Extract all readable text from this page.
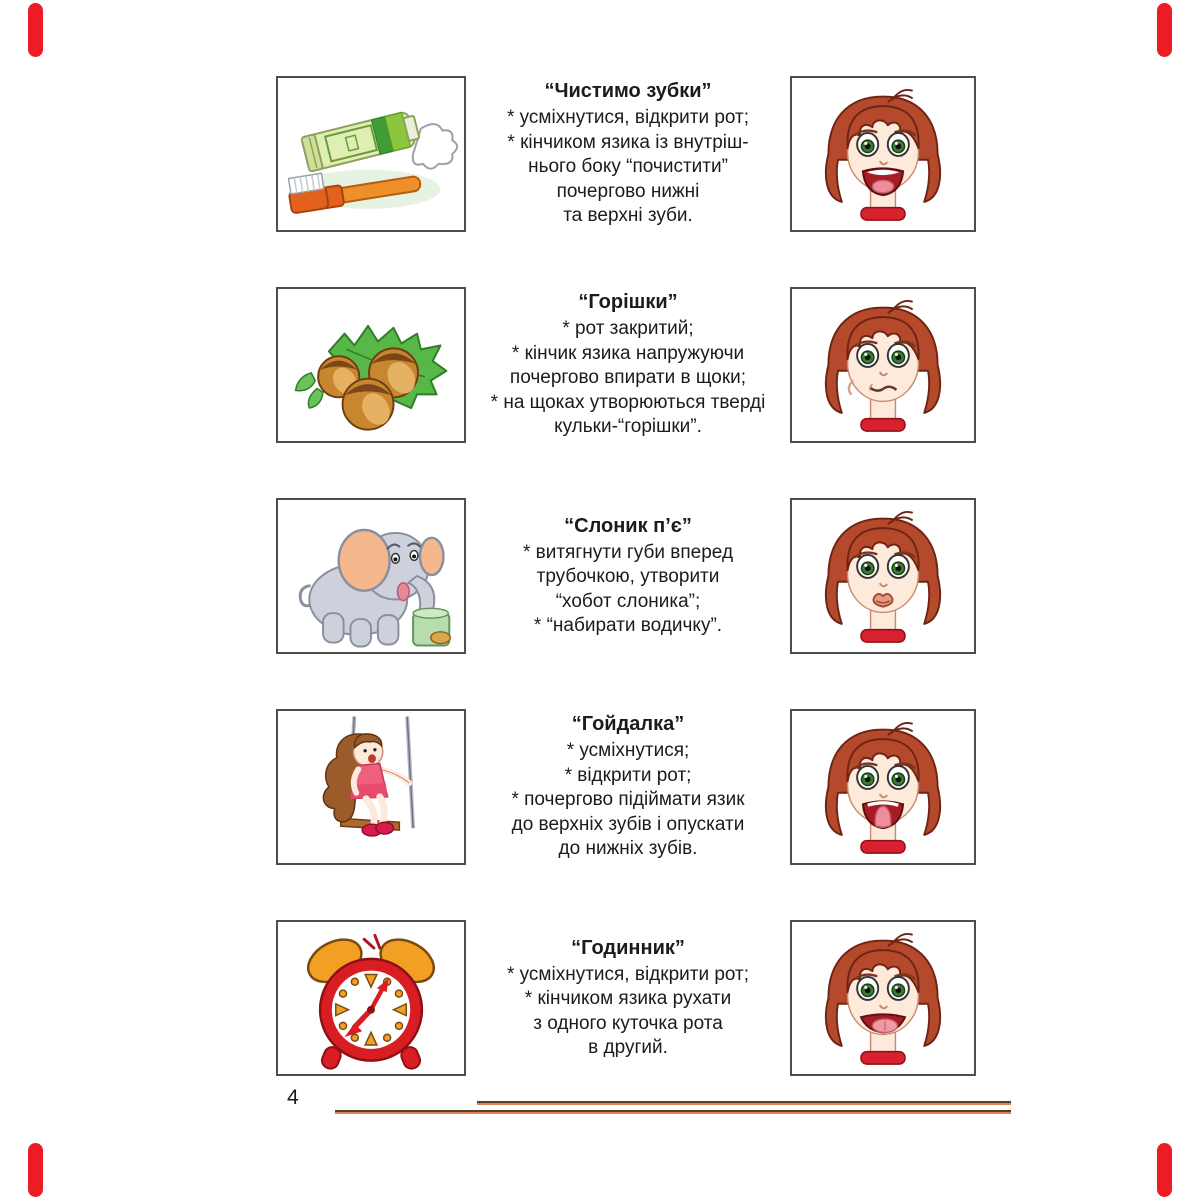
“Чистимо зубки”
* усміхнутися, відкрити рот;
* кінчиком язика із внутріш-
нього боку “почистити”
почергово нижні
та верхні зуби.
“Горішки”
* рот закритий;
* кінчик язика напружуючи
почергово впирати в щоки;
* на щоках утворюються тверді
кульки-“горішки”.
“Слоник п’є”
* витягнути губи вперед
трубочкою, утворити
“хобот слоника”;
* “набирати водичку”.
“Гойдалка”
* усміхнутися;
* відкрити рот;
* почергово підіймати язик
до верхніх зубів і опускати
до нижніх зубів.
“Годинник”
* усміхнутися, відкрити рот;
* кінчиком язика рухати
з одного куточка рота
в другий.
4
